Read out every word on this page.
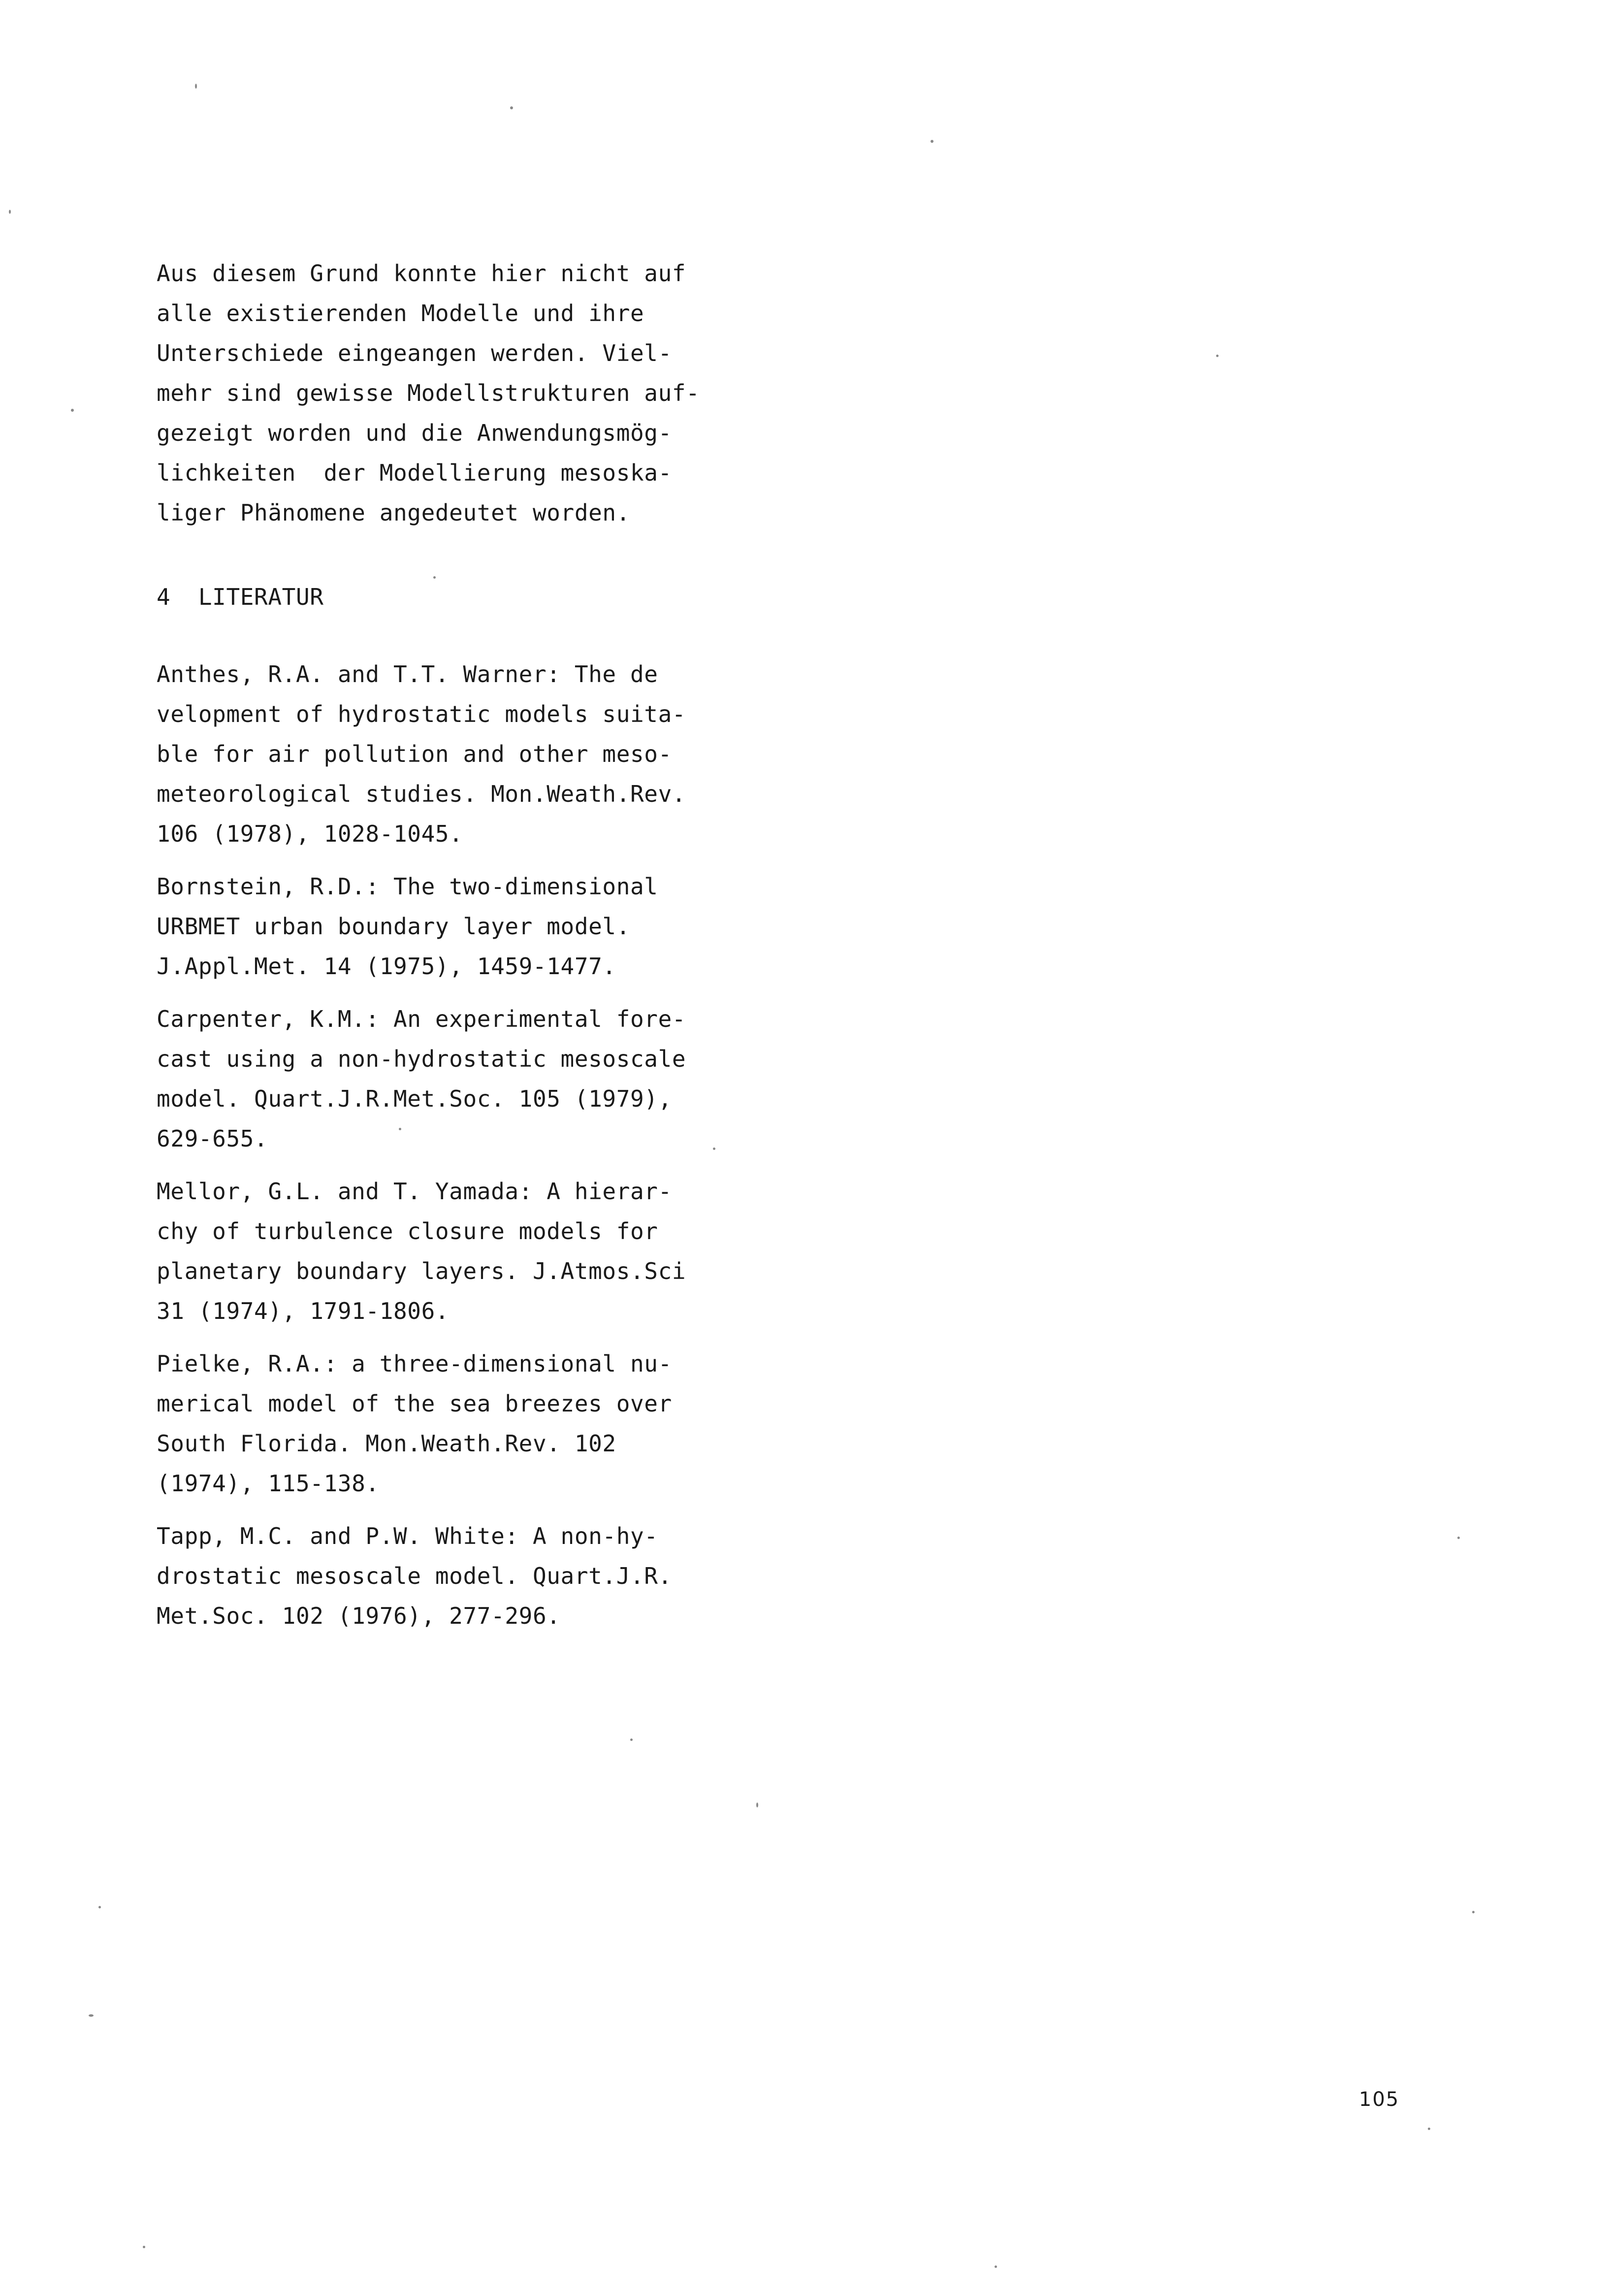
Aus diesem Grund konnte hier nicht auf
alle existierenden Modelle und ihre
Unterschiede eingeangen werden. Viel-
mehr sind gewisse Modellstrukturen auf-
gezeigt worden und die Anwendungsmög-
lichkeiten  der Modellierung mesoska-
liger Phänomene angedeutet worden.
4  LITERATUR
Anthes, R.A. and T.T. Warner: The de
velopment of hydrostatic models suita-
ble for air pollution and other meso-
meteorological studies. Mon.Weath.Rev.
106 (1978), 1028-1045.
Bornstein, R.D.: The two-dimensional
URBMET urban boundary layer model.
J.Appl.Met. 14 (1975), 1459-1477.
Carpenter, K.M.: An experimental fore-
cast using a non-hydrostatic mesoscale
model. Quart.J.R.Met.Soc. 105 (1979),
629-655.
Mellor, G.L. and T. Yamada: A hierar-
chy of turbulence closure models for
planetary boundary layers. J.Atmos.Sci
31 (1974), 1791-1806.
Pielke, R.A.: a three-dimensional nu-
merical model of the sea breezes over
South Florida. Mon.Weath.Rev. 102
(1974), 115-138.
Tapp, M.C. and P.W. White: A non-hy-
drostatic mesoscale model. Quart.J.R.
Met.Soc. 102 (1976), 277-296.
105
